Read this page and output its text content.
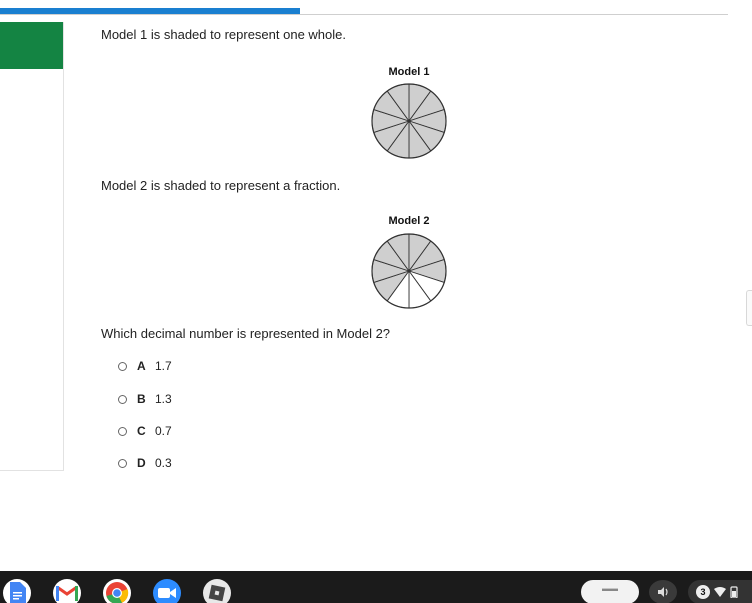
Model 1 is shaded to represent one whole.
Model 1
Model 2 is shaded to represent a fraction.
Model 2
Which decimal number is represented in Model 2?
A 1.7
B 1.3
C 0.7
D 0.3
▬▬	3
